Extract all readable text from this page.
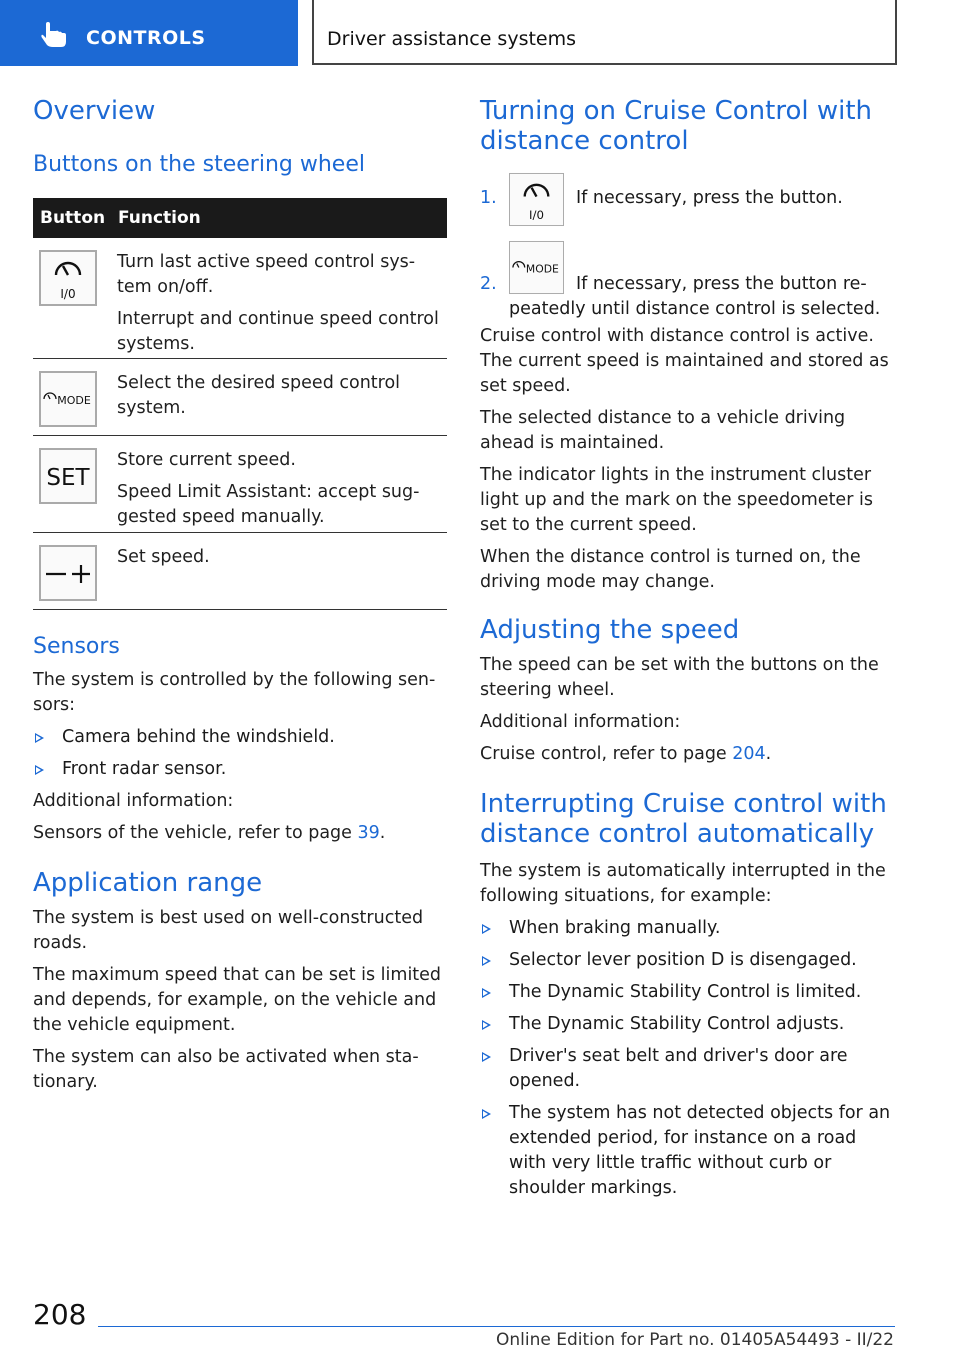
CONTROLS	Driver assistance systems
Overview
Buttons on the steering wheel
Button Function
I/0

Turn last active speed control sys-tem on/off.

Interrupt and continue speed control systems.

MODE

Select the desired speed control system.

SET

Store current speed.

Speed Limit Assistant: accept sug-gested speed manually.

Set speed.

Sensors

The system is controlled by the following sen-sors:

Camera behind the windshield.
Front radar sensor.

Additional information:

Sensors of the vehicle, refer to page 39.

Application range

The system is best used on well-constructed roads.

The maximum speed that can be set is limited and depends, for example, on the vehicle and the vehicle equipment.

The system can also be activated when sta-tionary.

Turning on Cruise Control with
distance control
1.
I/0
If necessary, press the button.
2.
MODE
If necessary, press the button re-
peatedly until distance control is selected.

Cruise control with distance control is active. The current speed is maintained and stored as set speed.

The selected distance to a vehicle driving ahead is maintained.

The indicator lights in the instrument cluster light up and the mark on the speedometer is set to the current speed.

When the distance control is turned on, the driving mode may change.

Adjusting the speed

The speed can be set with the buttons on the steering wheel.

Additional information:

Cruise control, refer to page 204.

Interrupting Cruise control with
distance control automatically

The system is automatically interrupted in the following situations, for example:

When braking manually.
Selector lever position D is disengaged.
The Dynamic Stability Control is limited.
The Dynamic Stability Control adjusts.
Driver's seat belt and driver's door are opened.
The system has not detected objects for an extended period, for instance on a road with very little traffic without curb or shoulder markings.
208
Online Edition for Part no. 01405A54493 - II/22
